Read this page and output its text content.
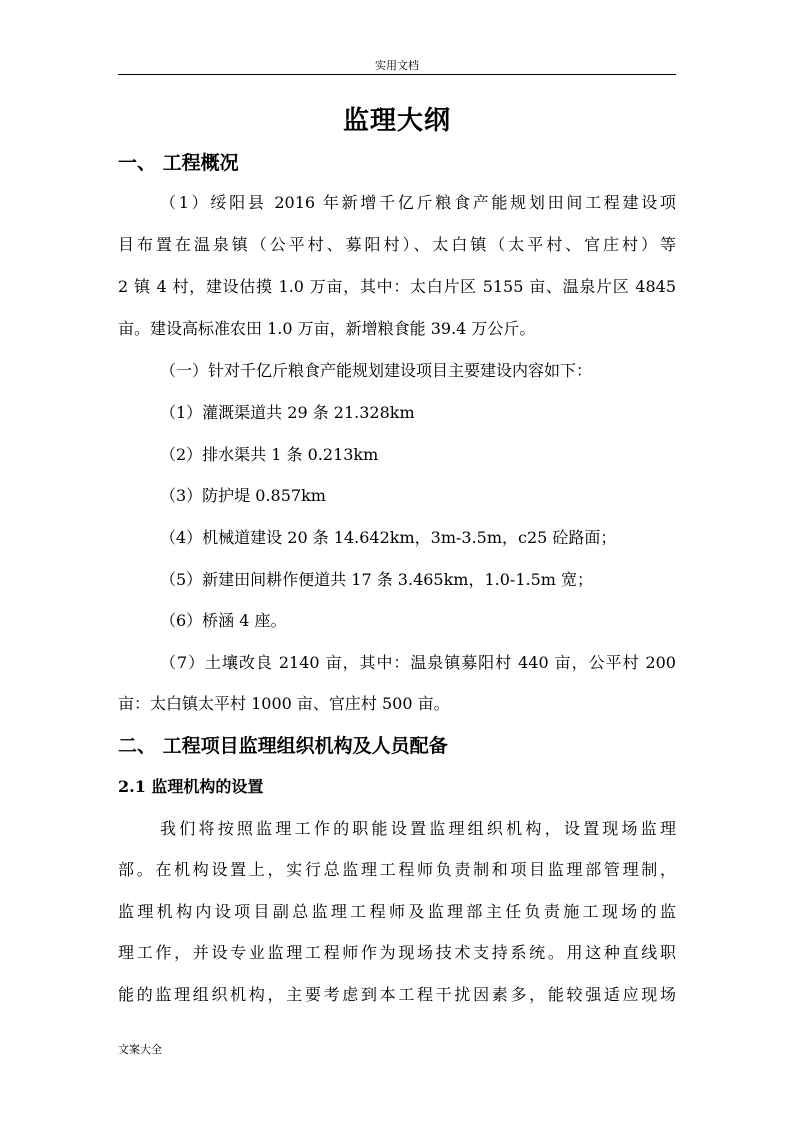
实用文档
监理大纲
一、 工程概况
（1）绥阳县 2016 年新增千亿斤粮食产能规划田间工程建设项
目布置在温泉镇（公平村、募阳村）、太白镇（太平村、官庄村）等
2 镇 4 村，建设估摸 1.0 万亩，其中：太白片区 5155 亩、温泉片区 4845
亩。建设高标准农田 1.0 万亩，新增粮食能 39.4 万公斤。
（一）针对千亿斤粮食产能规划建设项目主要建设内容如下：
（1）灌溉渠道共 29 条 21.328km
（2）排水渠共 1 条 0.213km
（3）防护堤 0.857km
（4）机械道建设 20 条 14.642km，3m-3.5m，c25 砼路面；
（5）新建田间耕作便道共 17 条 3.465km，1.0-1.5m 宽；
（6）桥涵 4 座。
（7）土壤改良 2140 亩，其中：温泉镇募阳村 440 亩，公平村 200
亩：太白镇太平村 1000 亩、官庄村 500 亩。
二、 工程项目监理组织机构及人员配备
2.1 监理机构的设置
我们将按照监理工作的职能设置监理组织机构，设置现场监理
部。在机构设置上，实行总监理工程师负责制和项目监理部管理制，
监理机构内设项目副总监理工程师及监理部主任负责施工现场的监
理工作，并设专业监理工程师作为现场技术支持系统。用这种直线职
能的监理组织机构，主要考虑到本工程干扰因素多，能较强适应现场
文案大全
